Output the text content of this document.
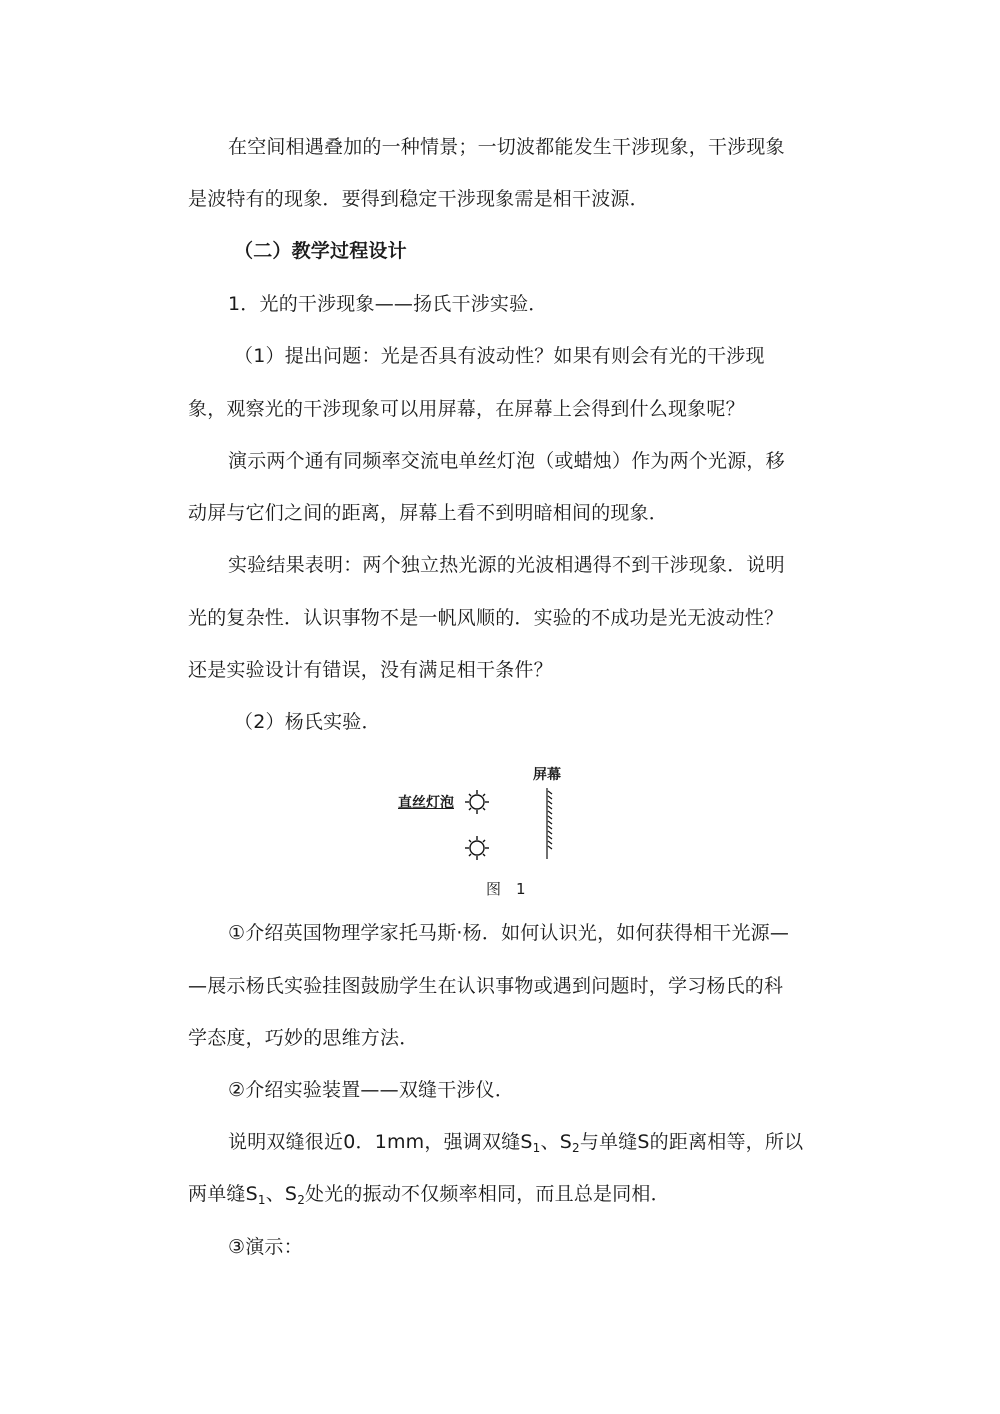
在空间相遇叠加的一种情景；一切波都能发生干涉现象，干涉现象
是波特有的现象．要得到稳定干涉现象需是相干波源．
（二）教学过程设计
1．光的干涉现象——扬氏干涉实验．
（1）提出问题：光是否具有波动性？如果有则会有光的干涉现
象，观察光的干涉现象可以用屏幕，在屏幕上会得到什么现象呢？
演示两个通有同频率交流电单丝灯泡（或蜡烛）作为两个光源，移
动屏与它们之间的距离，屏幕上看不到明暗相间的现象．
实验结果表明：两个独立热光源的光波相遇得不到干涉现象．说明
光的复杂性．认识事物不是一帆风顺的．实验的不成功是光无波动性？
还是实验设计有错误，没有满足相干条件？
（2）杨氏实验．
直丝灯泡
屏幕
图　1
①介绍英国物理学家托马斯·杨．如何认识光，如何获得相干光源—
—展示杨氏实验挂图鼓励学生在认识事物或遇到问题时，学习杨氏的科
学态度，巧妙的思维方法．
②介绍实验装置——双缝干涉仪．
说明双缝很近0．1mm，强调双缝$S_1$、$S_2$与单缝S的距离相等，所以
两单缝$S_1$、$S_2$处光的振动不仅频率相同，而且总是同相．
③演示：
